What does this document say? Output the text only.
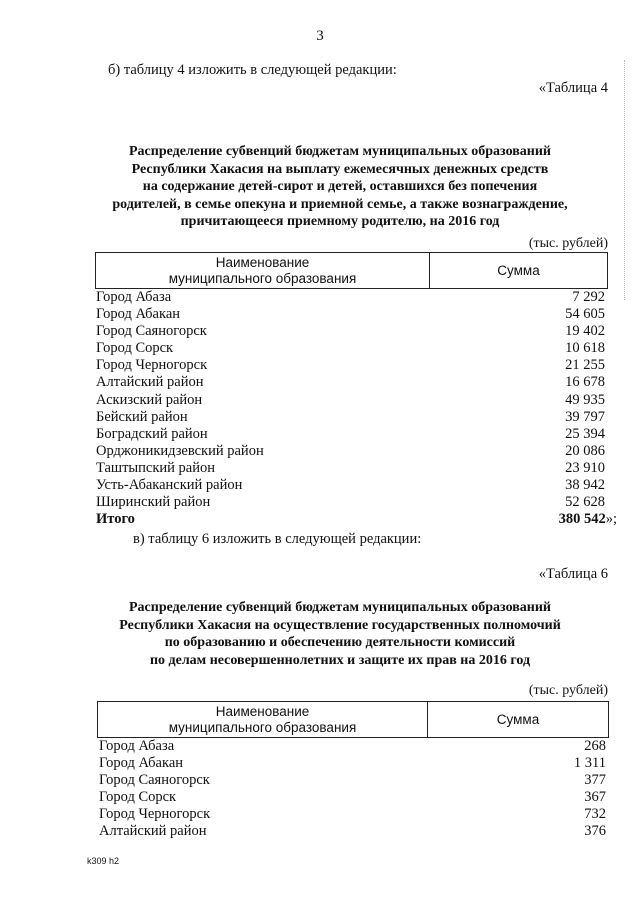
3
б) таблицу 4 изложить в следующей редакции:
«Таблица 4
Распределение субвенций бюджетам муниципальных образований
Республики Хакасия на выплату ежемесячных денежных средств
на содержание детей-сирот и детей, оставшихся без попечения
родителей, в семье опекуна и приемной семье, а также вознаграждение,
причитающееся приемному родителю, на 2016 год
(тыс. рублей)
Наименование
муниципального образования	Сумма
Город Абаза	7 292
Город Абакан	54 605
Город Саяногорск	19 402
Город Сорск	10 618
Город Черногорск	21 255
Алтайский район	16 678
Аскизский район	49 935
Бейский район	39 797
Боградский район	25 394
Орджоникидзевский район	20 086
Таштыпский район	23 910
Усть-Абаканский район	38 942
Ширинский район	52 628
Итого	380 542»;
в) таблицу 6 изложить в следующей редакции:
«Таблица 6
Распределение субвенций бюджетам муниципальных образований
Республики Хакасия на осуществление государственных полномочий
по образованию и обеспечению деятельности комиссий
по делам несовершеннолетних и защите их прав на 2016 год
(тыс. рублей)
Наименование
муниципального образования	Сумма
Город Абаза	268
Город Абакан	1 311
Город Саяногорск	377
Город Сорск	367
Город Черногорск	732
Алтайский район	376
k309 h2
